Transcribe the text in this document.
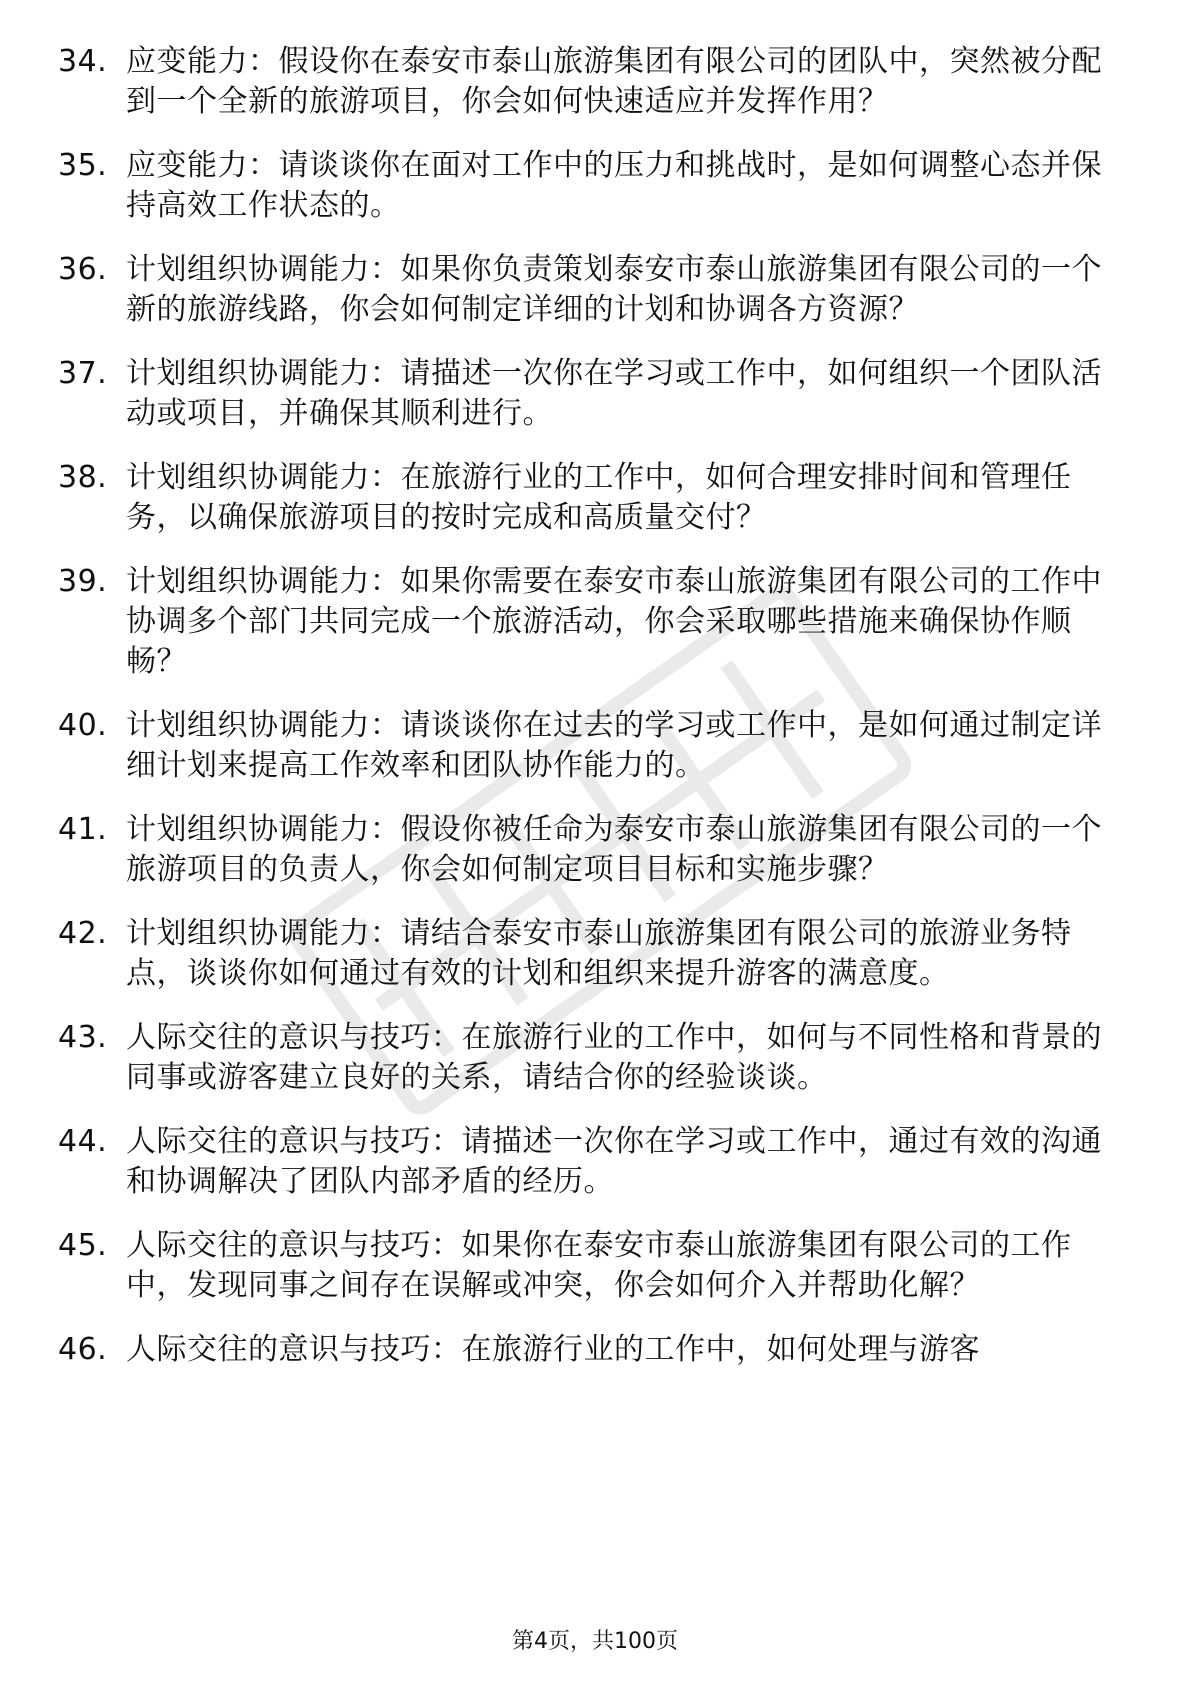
34. 应变能力：假设你在泰安市泰山旅游集团有限公司的团队中，突然被分配到一个全新的旅游项目，你会如何快速适应并发挥作用？
35. 应变能力：请谈谈你在面对工作中的压力和挑战时，是如何调整心态并保持高效工作状态的。
36. 计划组织协调能力：如果你负责策划泰安市泰山旅游集团有限公司的一个新的旅游线路，你会如何制定详细的计划和协调各方资源？
37. 计划组织协调能力：请描述一次你在学习或工作中，如何组织一个团队活动或项目，并确保其顺利进行。
38. 计划组织协调能力：在旅游行业的工作中，如何合理安排时间和管理任务，以确保旅游项目的按时完成和高质量交付？
39. 计划组织协调能力：如果你需要在泰安市泰山旅游集团有限公司的工作中协调多个部门共同完成一个旅游活动，你会采取哪些措施来确保协作顺畅？
40. 计划组织协调能力：请谈谈你在过去的学习或工作中，是如何通过制定详细计划来提高工作效率和团队协作能力的。
41. 计划组织协调能力：假设你被任命为泰安市泰山旅游集团有限公司的一个旅游项目的负责人，你会如何制定项目目标和实施步骤？
42. 计划组织协调能力：请结合泰安市泰山旅游集团有限公司的旅游业务特点，谈谈你如何通过有效的计划和组织来提升游客的满意度。
43. 人际交往的意识与技巧：在旅游行业的工作中，如何与不同性格和背景的同事或游客建立良好的关系，请结合你的经验谈谈。
44. 人际交往的意识与技巧：请描述一次你在学习或工作中，通过有效的沟通和协调解决了团队内部矛盾的经历。
45. 人际交往的意识与技巧：如果你在泰安市泰山旅游集团有限公司的工作中，发现同事之间存在误解或冲突，你会如何介入并帮助化解？
46. 人际交往的意识与技巧：在旅游行业的工作中，如何处理与游客
第4页，共100页
